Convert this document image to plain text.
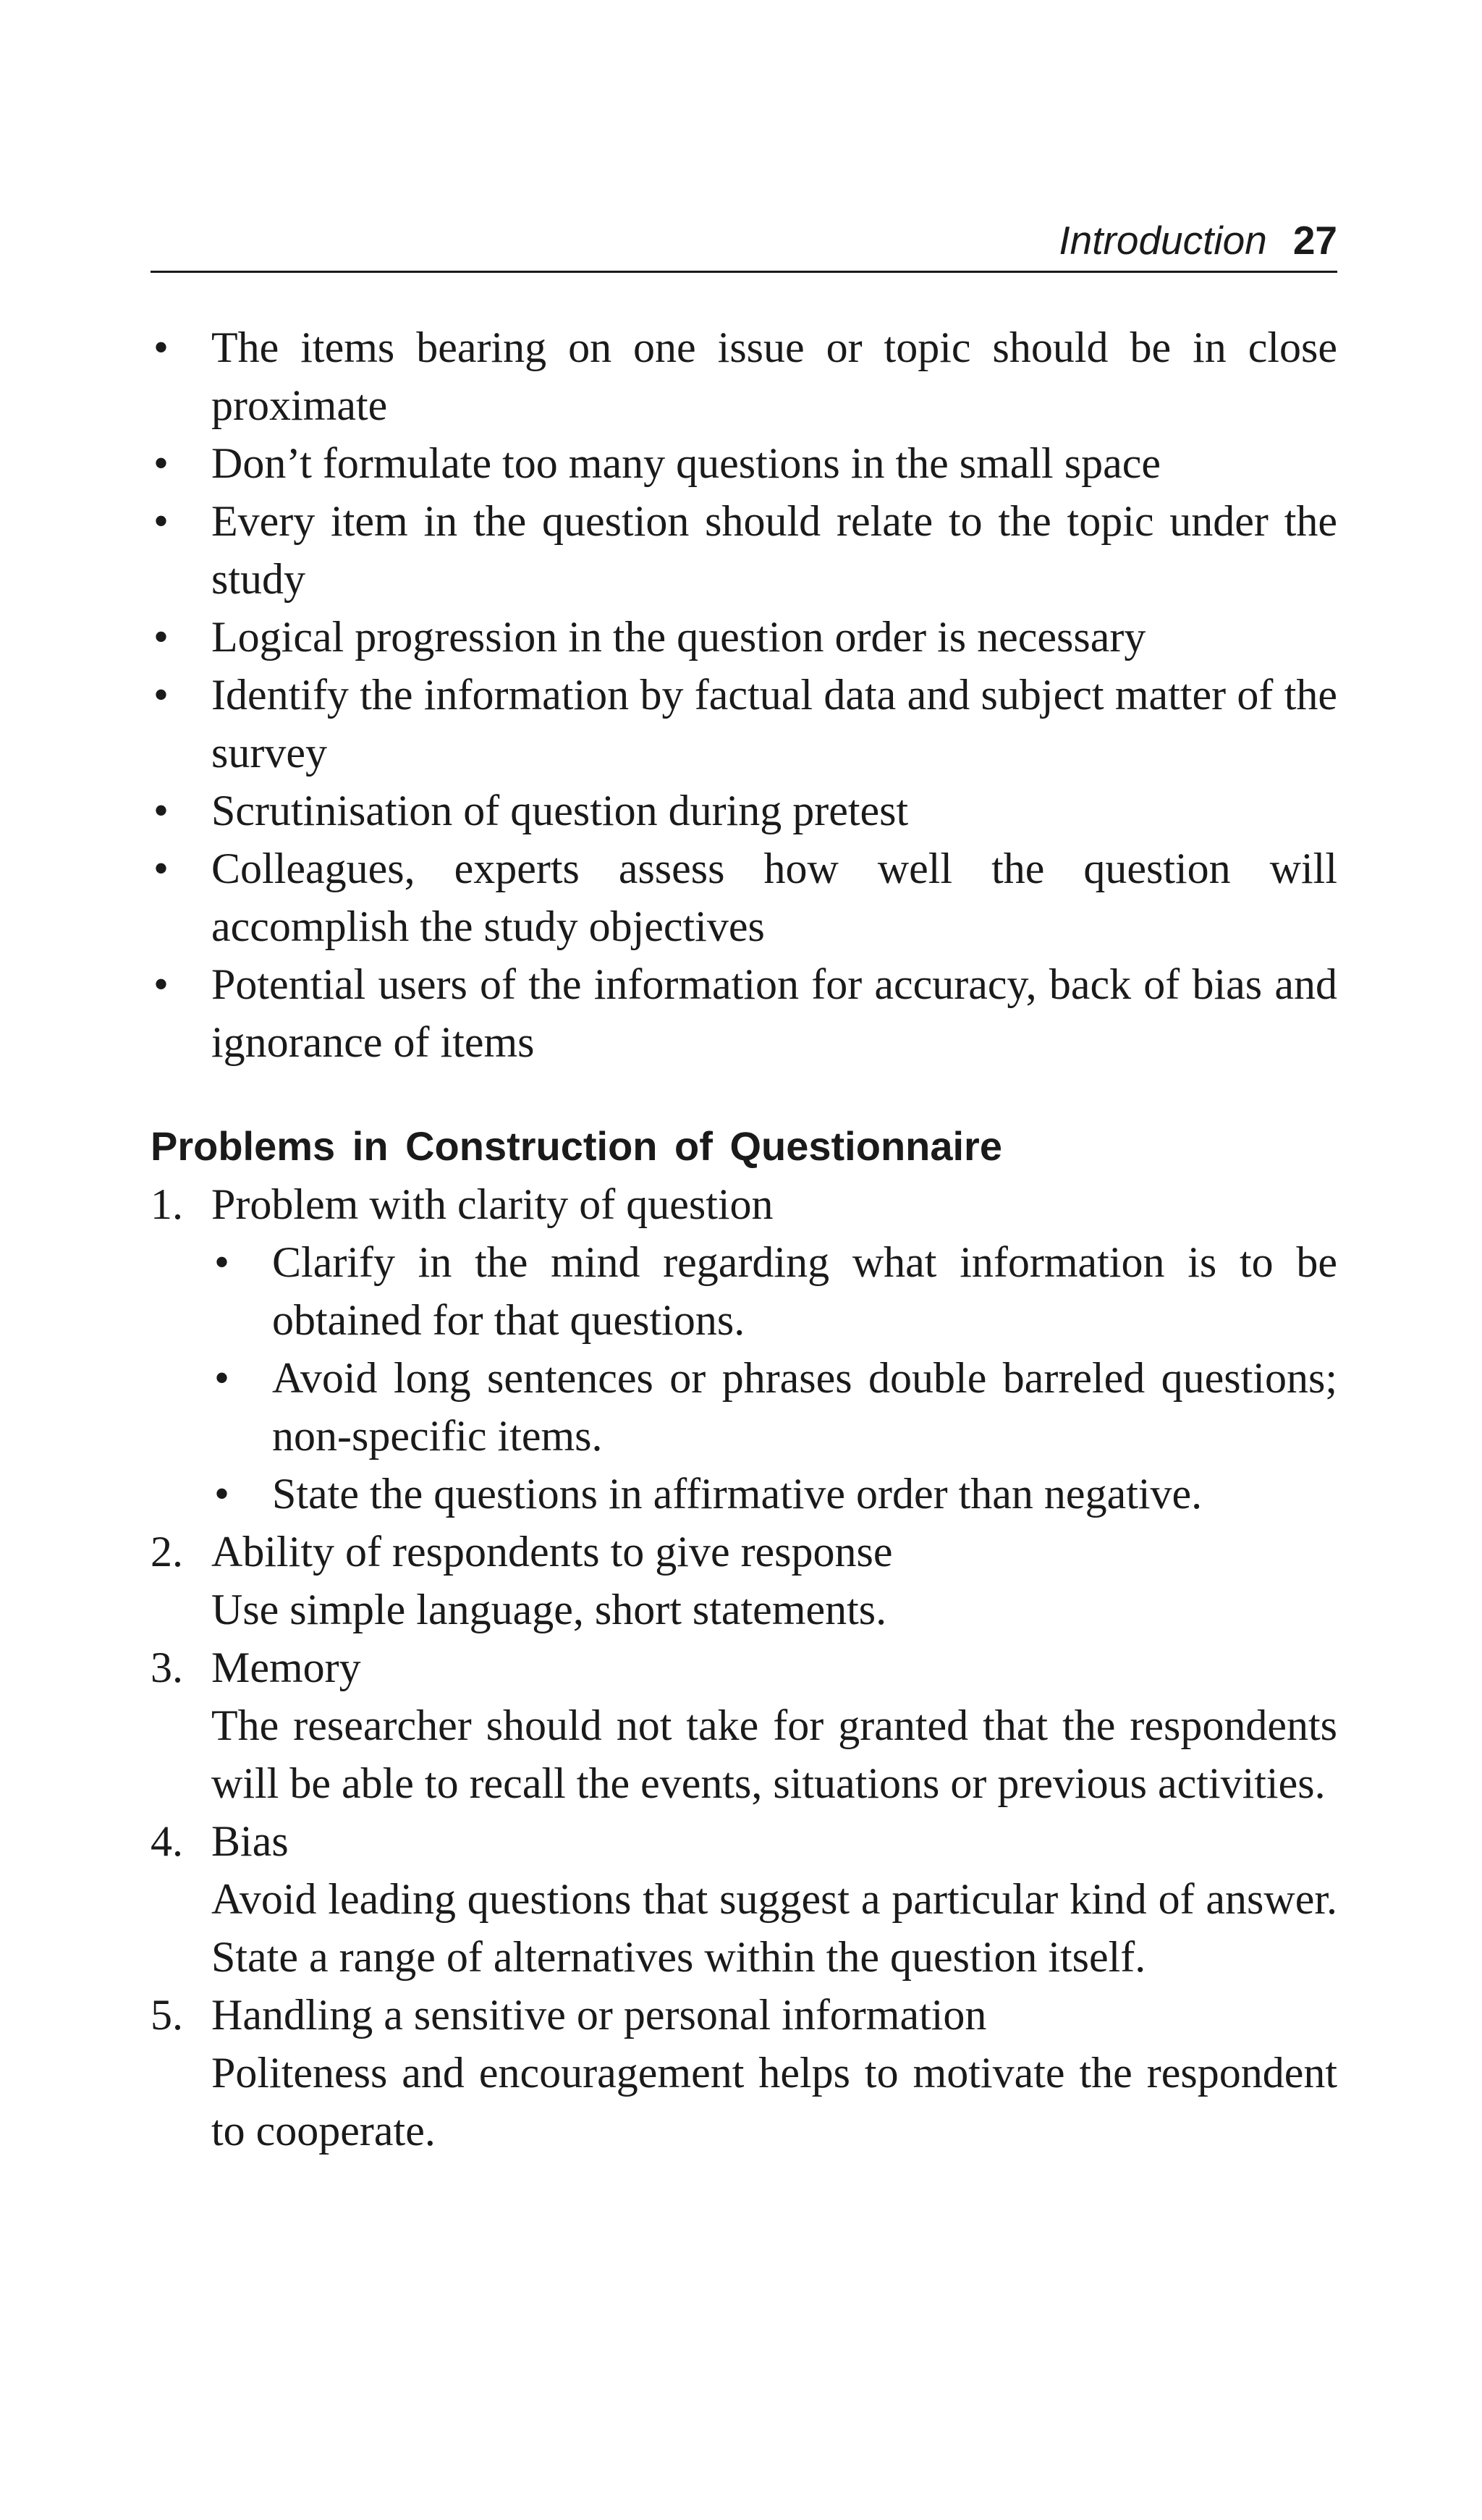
Introduction 27
• The items bearing on one issue or topic should be in close proximate
• Don’t formulate too many questions in the small space
• Every item in the question should relate to the topic under the study
• Logical progression in the question order is necessary
• Identify the information by factual data and subject matter of the survey
• Scrutinisation of question during pretest
• Colleagues, experts assess how well the question will accomplish the study objectives
• Potential users of the information for accuracy, back of bias and ignorance of items
Problems in Construction of Questionnaire
1. Problem with clarity of question
• Clarify in the mind regarding what information is to be obtained for that questions.
• Avoid long sentences or phrases double barreled questions; non-specific items.
• State the questions in affirmative order than negative.
2. Ability of respondents to give response
Use simple language, short statements.
3. Memory
The researcher should not take for granted that the respondents will be able to recall the events, situations or previous activities.
4. Bias
Avoid leading questions that suggest a particular kind of answer. State a range of alternatives within the question itself.
5. Handling a sensitive or personal information
Politeness and encouragement helps to motivate the respondent to cooperate.
